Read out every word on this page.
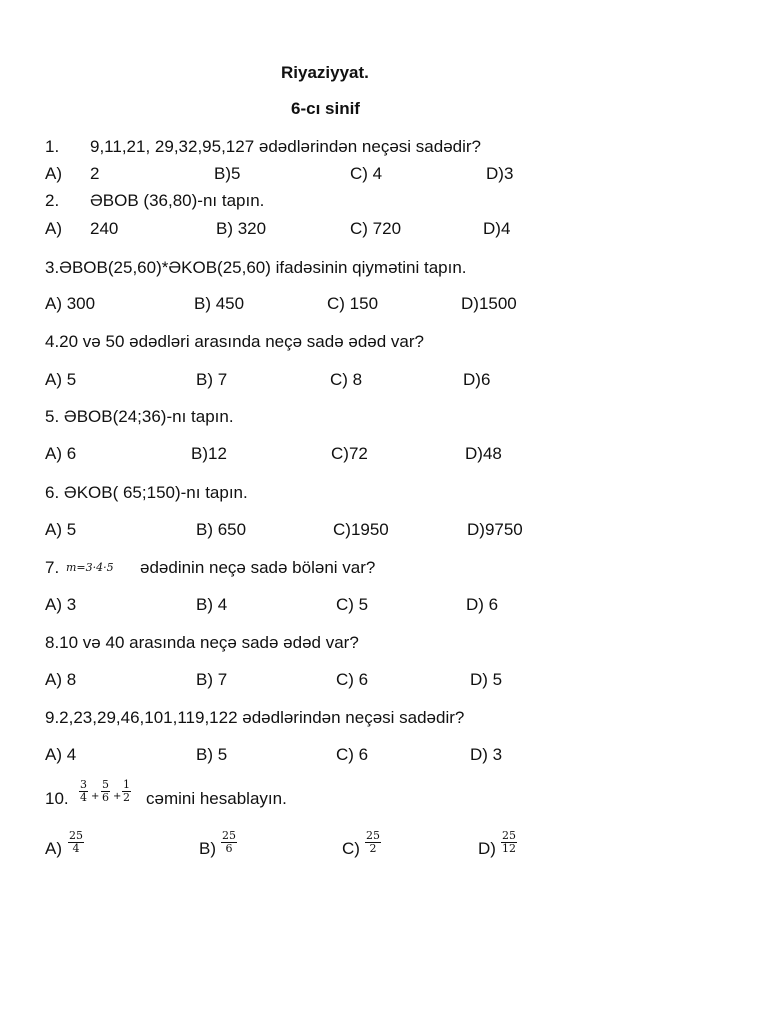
Riyaziyyat.
6-cı sinif
1. 9,11,21, 29,32,95,127 ədədlərindən neçəsi sadədir?
A) 2	B)5	C) 4	D)3
2. ƏBOB (36,80)-nı tapın.
A) 240	B) 320	C) 720	D)4
3.ƏBOB(25,60)*ƏKOB(25,60) ifadəsinin qiymətini tapın.
A) 300	B) 450	C) 150	D)1500
4.20 və 50 ədədləri arasında neçə sadə ədəd var?
A) 5	B) 7	C) 8	D)6
5. ƏBOB(24;36)-nı tapın.
A) 6	B)12	C)72	D)48
6. ƏKOB( 65;150)-nı tapın.
A) 5	B) 650	C)1950	D)9750
7. m=3·4·5 ədədinin neçə sadə böləni var?
A) 3	B) 4	C) 5	D) 6
8.10 və 40 arasında neçə sadə ədəd var?
A) 8	B) 7	C) 6	D) 5
9.2,23,29,46,101,119,122 ədədlərindən neçəsi sadədir?
A) 4	B) 5	C) 6	D) 3
10. $\frac{3}{4} + \frac{5}{6} + \frac{1}{2}$ cəmini hesablayın.
$A) \frac{25}{4}$	$B) \frac{25}{6}$	$C) \frac{25}{2}$	$D) \frac{25}{12}$
